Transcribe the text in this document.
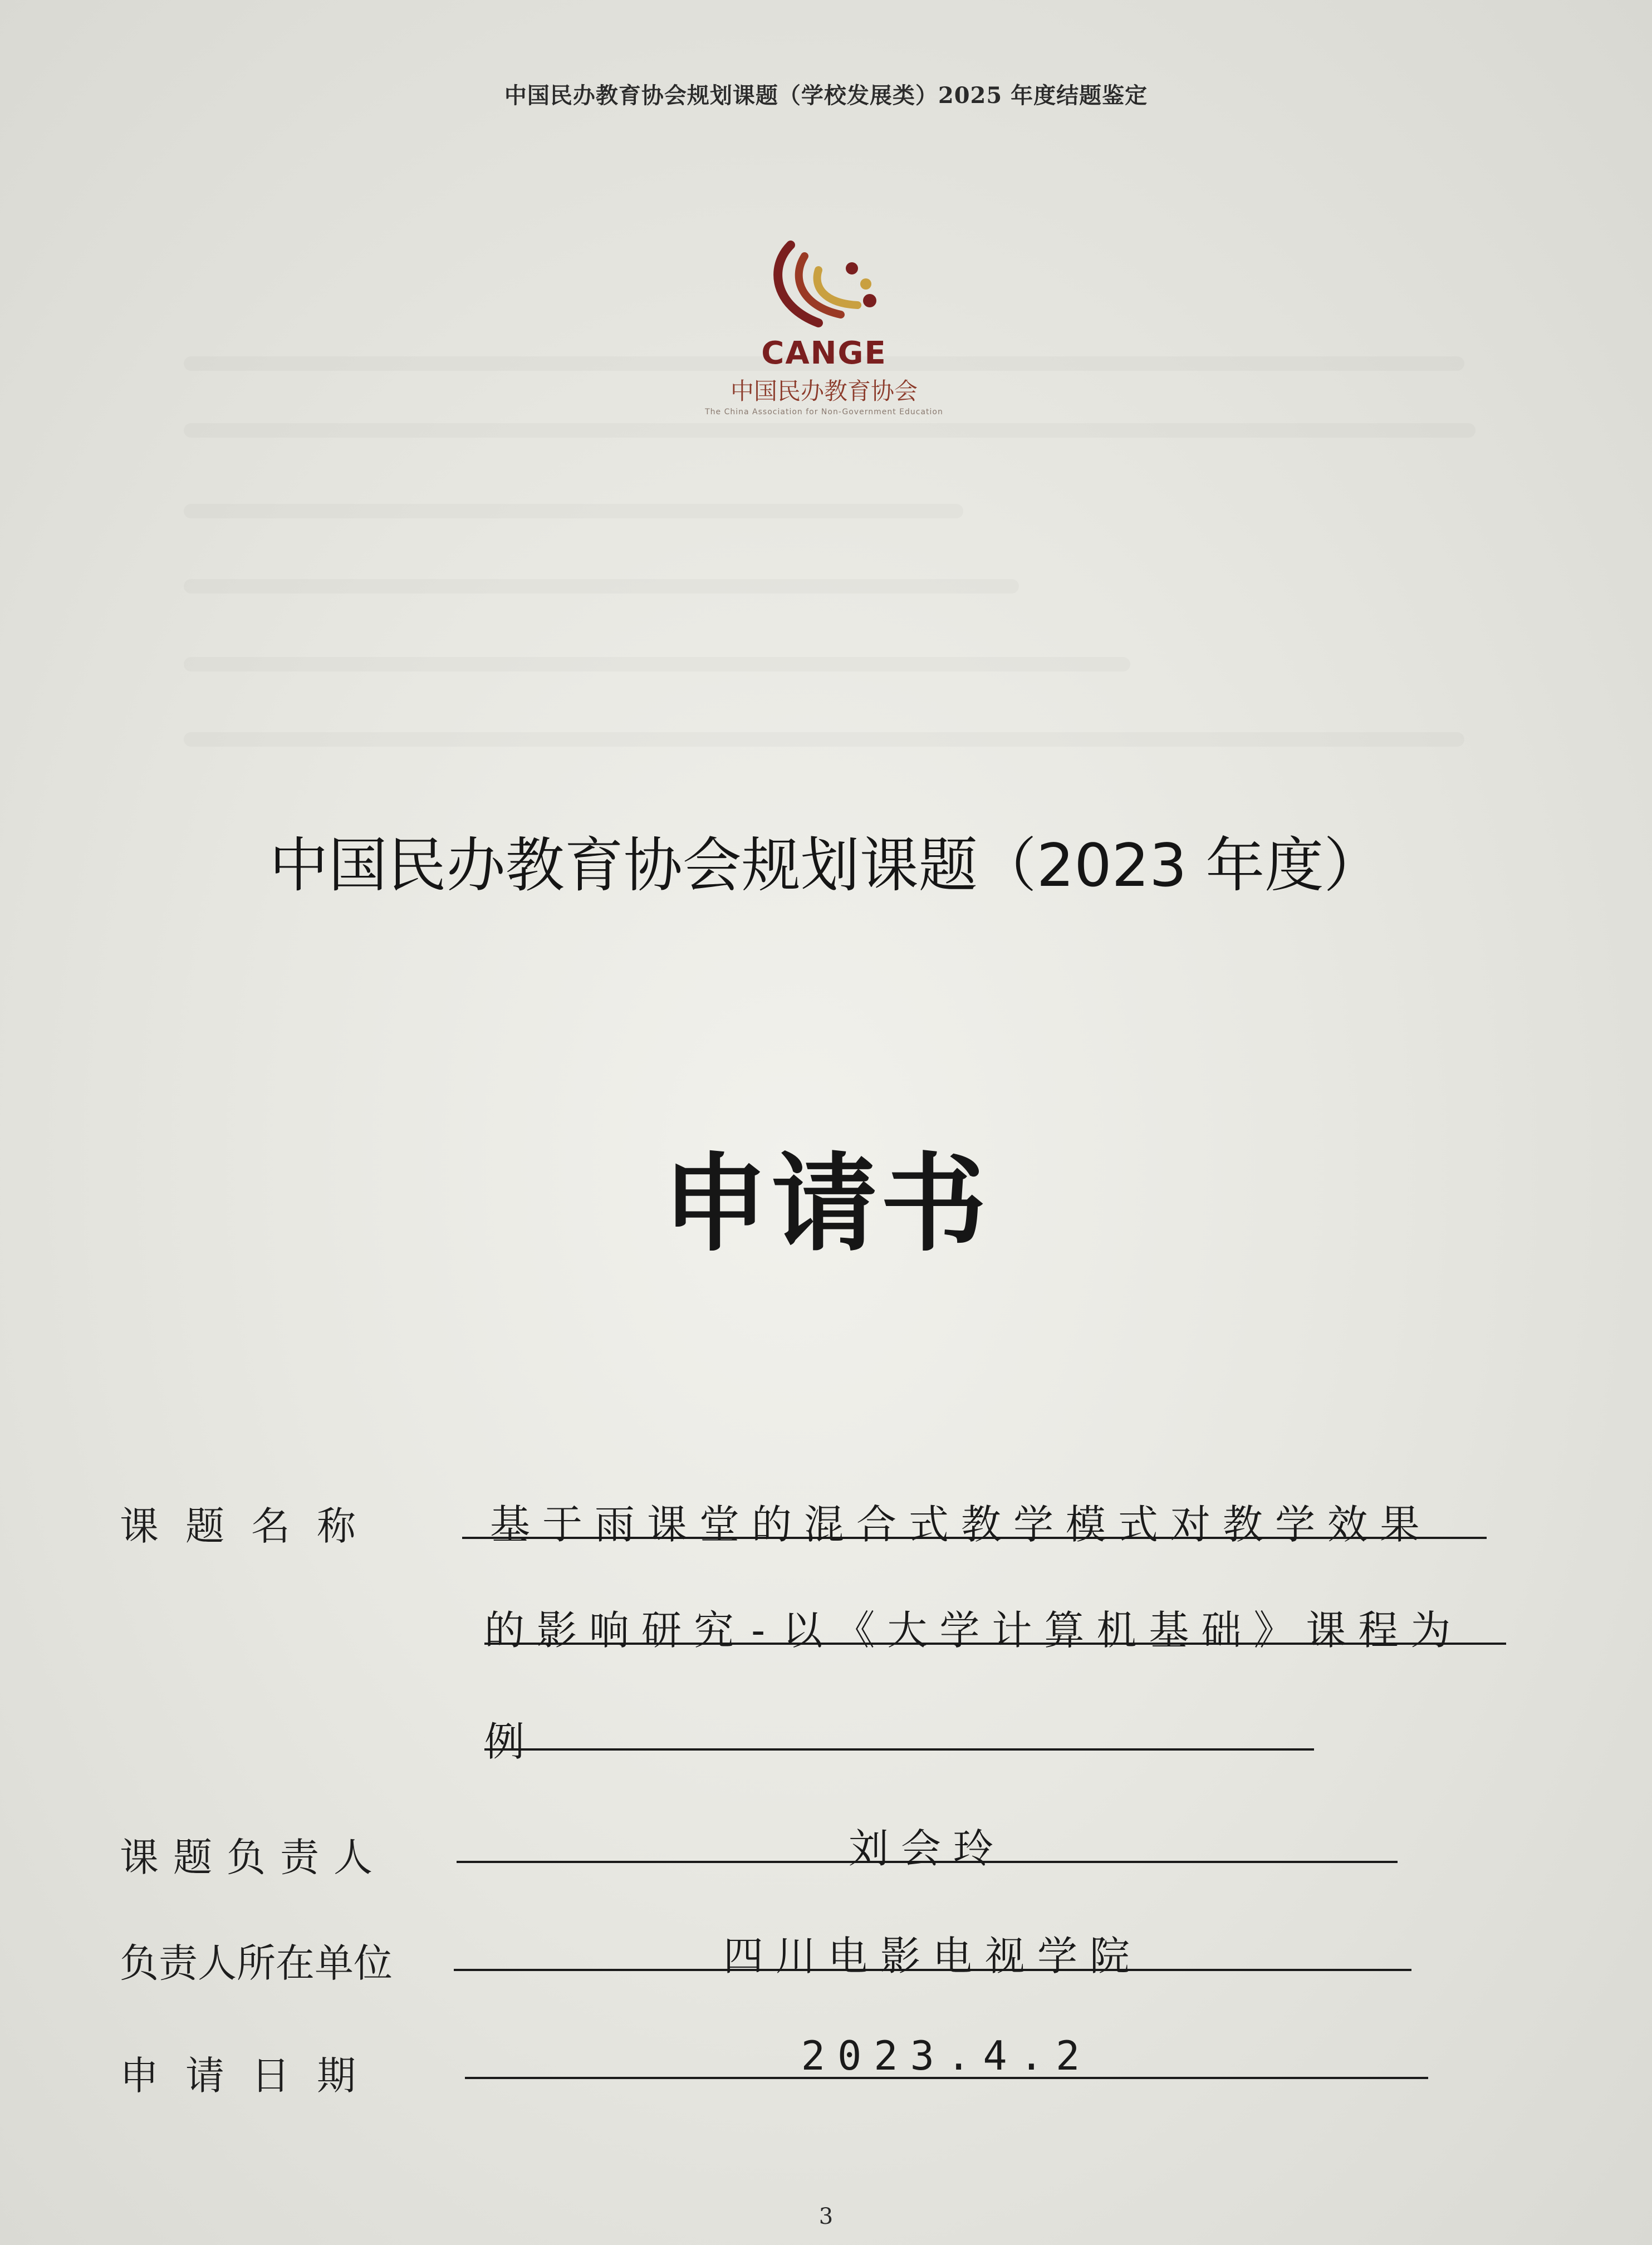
中国民办教育协会规划课题（学校发展类）2025 年度结题鉴定
CANGE
中国民办教育协会
The China Association for Non-Government Education
中国民办教育协会规划课题（2023 年度）
申请书
课题名称	基于雨课堂的混合式教学模式对教学效果
的影响研究-以《大学计算机基础》课程为
例
课题负责人	刘会玲
负责人所在单位	四川电影电视学院
申请日期	2023.4.2
3
